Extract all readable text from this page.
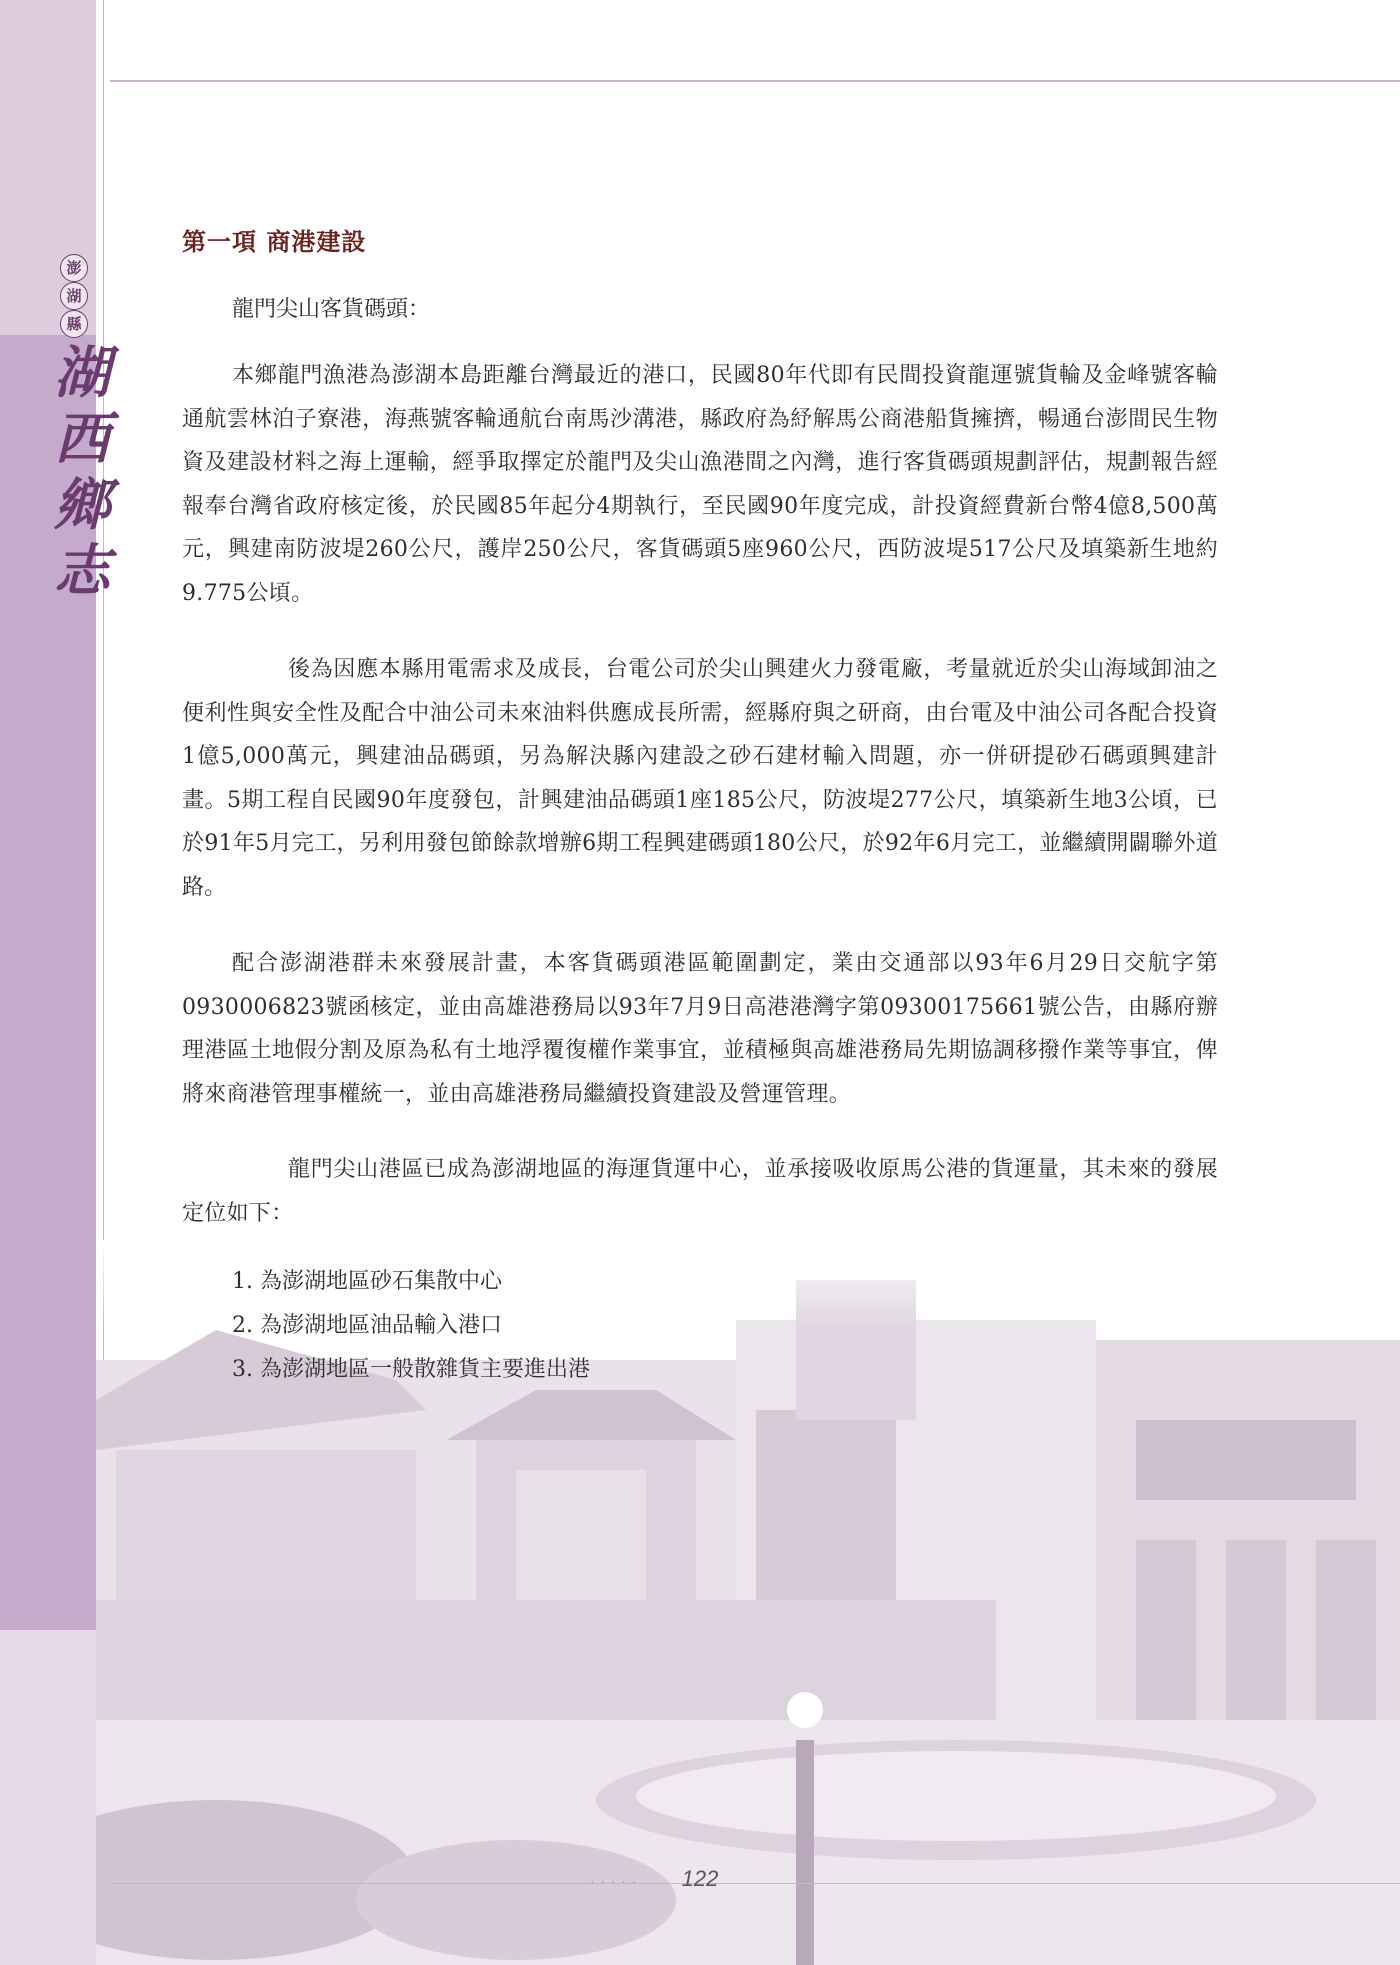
澎
湖
縣
湖
西
鄉
志
第一項 商港建設

龍門尖山客貨碼頭：

本鄉龍門漁港為澎湖本島距離台灣最近的港口，民國80年代即有民間投資龍運號貨輪及金峰號客輪通航雲林泊子寮港，海燕號客輪通航台南馬沙溝港，縣政府為紓解馬公商港船貨擁擠，暢通台澎間民生物資及建設材料之海上運輸，經爭取擇定於龍門及尖山漁港間之內灣，進行客貨碼頭規劃評估，規劃報告經報奉台灣省政府核定後，於民國85年起分4期執行，至民國90年度完成，計投資經費新台幣4億8,500萬元，興建南防波堤260公尺，護岸250公尺，客貨碼頭5座960公尺，西防波堤517公尺及填築新生地約9.775公頃。

後為因應本縣用電需求及成長，台電公司於尖山興建火力發電廠，考量就近於尖山海域卸油之便利性與安全性及配合中油公司未來油料供應成長所需，經縣府與之研商，由台電及中油公司各配合投資1億5,000萬元，興建油品碼頭，另為解決縣內建設之砂石建材輸入問題，亦一併研提砂石碼頭興建計畫。5期工程自民國90年度發包，計興建油品碼頭1座185公尺，防波堤277公尺，填築新生地3公頃，已於91年5月完工，另利用發包節餘款增辦6期工程興建碼頭180公尺，於92年6月完工，並繼續開闢聯外道路。

配合澎湖港群未來發展計畫，本客貨碼頭港區範圍劃定，業由交通部以93年6月29日交航字第0930006823號函核定，並由高雄港務局以93年7月9日高港港灣字第09300175661號公告，由縣府辦理港區土地假分割及原為私有土地浮覆復權作業事宜，並積極與高雄港務局先期協調移撥作業等事宜，俾將來商港管理事權統一，並由高雄港務局繼續投資建設及營運管理。

龍門尖山港區已成為澎湖地區的海運貨運中心，並承接吸收原馬公港的貨運量，其未來的發展定位如下：

1. 為澎湖地區砂石集散中心
2. 為澎湖地區油品輸入港口
3. 為澎湖地區一般散雜貨主要進出港
·····	122
